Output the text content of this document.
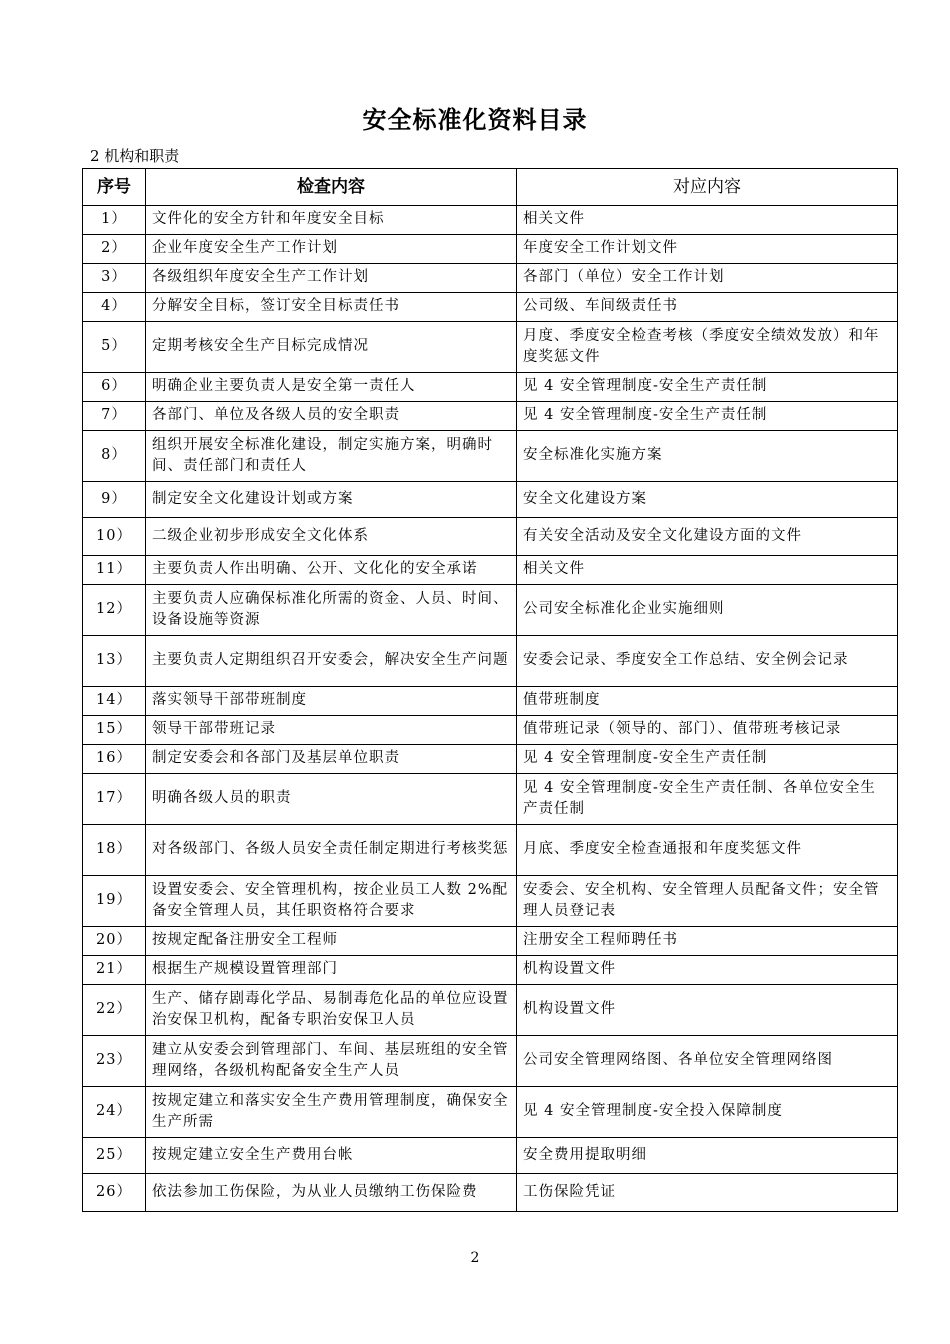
安全标准化资料目录
2 机构和职责
序号	检查内容	对应内容
1）	文件化的安全方针和年度安全目标	相关文件
2）	企业年度安全生产工作计划	年度安全工作计划文件
3）	各级组织年度安全生产工作计划	各部门（单位）安全工作计划
4）	分解安全目标，签订安全目标责任书	公司级、车间级责任书
5）	定期考核安全生产目标完成情况	月度、季度安全检查考核（季度安全绩效发放）和年度奖惩文件
6）	明确企业主要负责人是安全第一责任人	见 4 安全管理制度-安全生产责任制
7）	各部门、单位及各级人员的安全职责	见 4 安全管理制度-安全生产责任制
8）	组织开展安全标准化建设，制定实施方案，明确时间、责任部门和责任人	安全标准化实施方案
9）	制定安全文化建设计划或方案	安全文化建设方案
10）	二级企业初步形成安全文化体系	有关安全活动及安全文化建设方面的文件
11）	主要负责人作出明确、公开、文化化的安全承诺	相关文件
12）	主要负责人应确保标准化所需的资金、人员、时间、设备设施等资源	公司安全标准化企业实施细则
13）	主要负责人定期组织召开安委会，解决安全生产问题	安委会记录、季度安全工作总结、安全例会记录
14）	落实领导干部带班制度	值带班制度
15）	领导干部带班记录	值带班记录（领导的、部门）、值带班考核记录
16）	制定安委会和各部门及基层单位职责	见 4 安全管理制度-安全生产责任制
17）	明确各级人员的职责	见 4 安全管理制度-安全生产责任制、各单位安全生产责任制
18）	对各级部门、各级人员安全责任制定期进行考核奖惩	月底、季度安全检查通报和年度奖惩文件
19）	设置安委会、安全管理机构，按企业员工人数 2%配备安全管理人员，其任职资格符合要求	安委会、安全机构、安全管理人员配备文件；安全管理人员登记表
20）	按规定配备注册安全工程师	注册安全工程师聘任书
21）	根据生产规模设置管理部门	机构设置文件
22）	生产、储存剧毒化学品、易制毒危化品的单位应设置治安保卫机构，配备专职治安保卫人员	机构设置文件
23）	建立从安委会到管理部门、车间、基层班组的安全管理网络，各级机构配备安全生产人员	公司安全管理网络图、各单位安全管理网络图
24）	按规定建立和落实安全生产费用管理制度，确保安全生产所需	见 4 安全管理制度-安全投入保障制度
25）	按规定建立安全生产费用台帐	安全费用提取明细
26）	依法参加工伤保险，为从业人员缴纳工伤保险费	工伤保险凭证
2
